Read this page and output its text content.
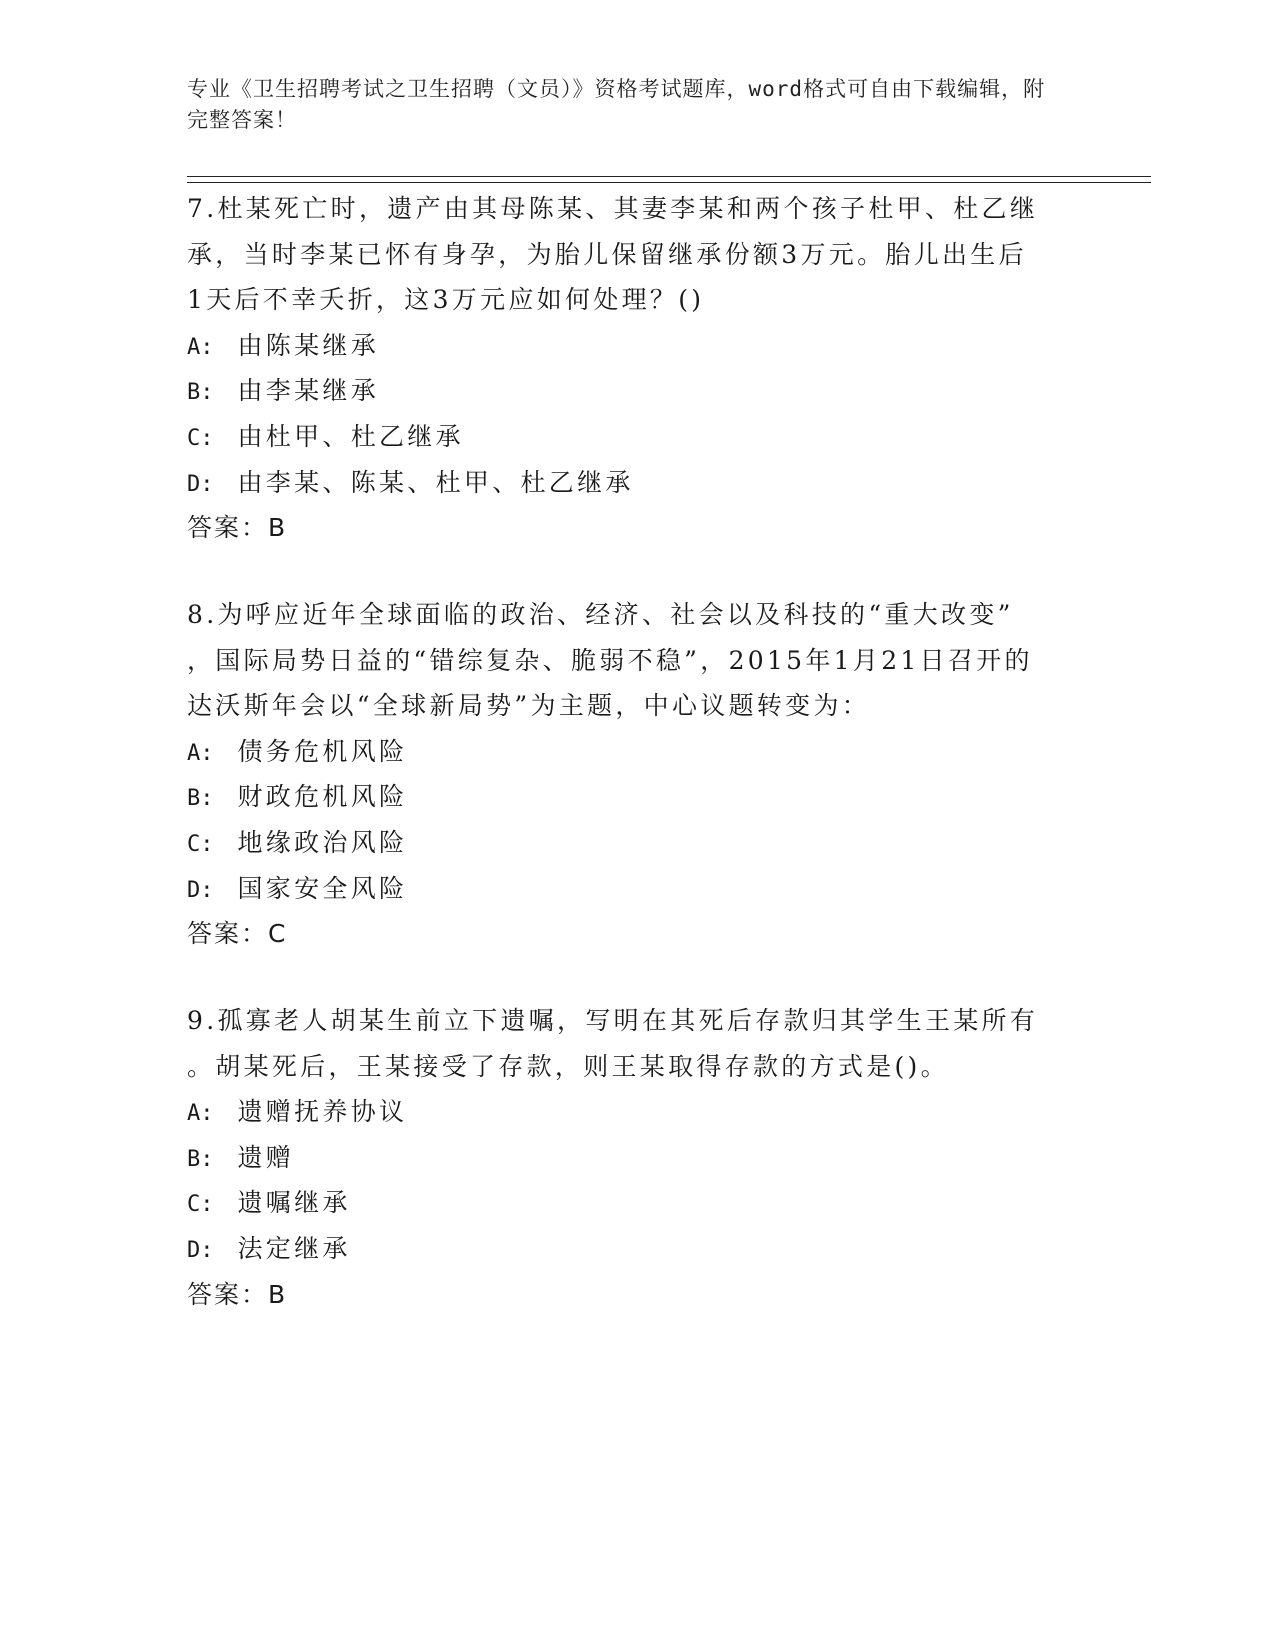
专业《卫生招聘考试之卫生招聘（文员）》资格考试题库，word格式可自由下载编辑，附完整答案！

7.杜某死亡时，遗产由其母陈某、其妻李某和两个孩子杜甲、杜乙继
承，当时李某已怀有身孕，为胎儿保留继承份额3万元。胎儿出生后
1天后不幸夭折，这3万元应如何处理？()

A: 由陈某继承
B: 由李某继承
C: 由杜甲、杜乙继承
D: 由李某、陈某、杜甲、杜乙继承

答案：B

8.为呼应近年全球面临的政治、经济、社会以及科技的“重大改变”
，国际局势日益的“错综复杂、脆弱不稳”，2015年1月21日召开的
达沃斯年会以“全球新局势”为主题，中心议题转变为：

A: 债务危机风险
B: 财政危机风险
C: 地缘政治风险
D: 国家安全风险

答案：C

9.孤寡老人胡某生前立下遗嘱，写明在其死后存款归其学生王某所有
。胡某死后，王某接受了存款，则王某取得存款的方式是()。

A: 遗赠抚养协议
B: 遗赠
C: 遗嘱继承
D: 法定继承

答案：B
